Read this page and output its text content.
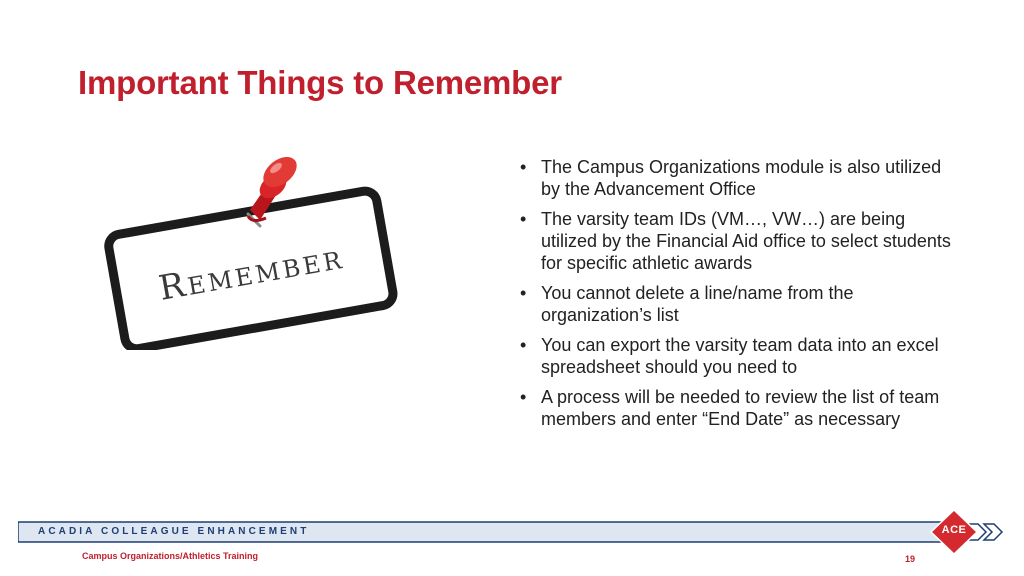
Important Things to Remember
Remember
• The Campus Organizations module is also utilized by the Advancement Office
• The varsity team IDs (VM…, VW…) are being utilized by the Financial Aid office to select students for specific athletic awards
• You cannot delete a line/name from the organization’s list
• You can export the varsity team data into an excel spreadsheet should you need to
• A process will be needed to review the list of team members and enter “End Date” as necessary
ACADIA COLLEAGUE ENHANCEMENT	ACE
Campus Organizations/Athletics Training	19
